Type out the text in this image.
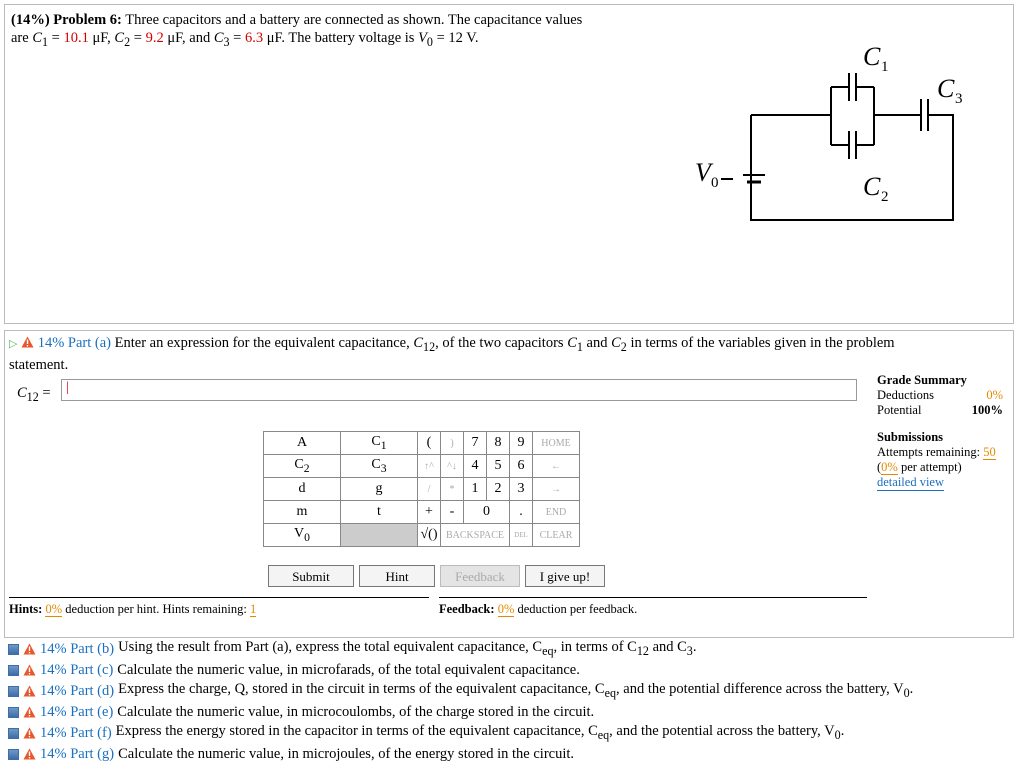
(14%) Problem 6: Three capacitors and a battery are connected as shown. The capacitance values
are $C_1 = 10.1$ μF, $C_2 = 9.2$ μF, and $C_3 = 6.3$ μF. The battery voltage is $V_0 = 12$ V.
C 1
C 2
C 3
V 0
▷ 14% Part (a) Enter an expression for the equivalent capacitance, $C_{12}$, of the two capacitors $C_1$ and $C_2$ in terms of the variables given in the problem
statement.
$C_{12}$ =	|	Grade Summary
Deductions	0%
Potential	100%
Submissions
Attempts remaining: 50
(0% per attempt)
detailed view
A	$C_1$	(	)	7	8	9	HOME
$C_2$	$C_3$	↑^	^↓	4	5	6	←
d	g	/	*	1	2	3	→
m	t	+	-	0		.	END
$V_0$		√()	BACKSPACE			DEL	CLEAR
Submit	Hint	Feedback	I give up!
Hints: 0% deduction per hint. Hints remaining: 1	Feedback: 0% deduction per feedback.
14% Part (b) Using the result from Part (a), express the total equivalent capacitance, $C_{eq}$, in terms of $C_{12}$ and $C_3$.
14% Part (c) Calculate the numeric value, in microfarads, of the total equivalent capacitance.
14% Part (d) Express the charge, Q, stored in the circuit in terms of the equivalent capacitance, $C_{eq}$, and the potential difference across the battery, $V_0$.
14% Part (e) Calculate the numeric value, in microcoulombs, of the charge stored in the circuit.
14% Part (f) Express the energy stored in the capacitor in terms of the equivalent capacitance, $C_{eq}$, and the potential across the battery, $V_0$.
14% Part (g) Calculate the numeric value, in microjoules, of the energy stored in the circuit.
